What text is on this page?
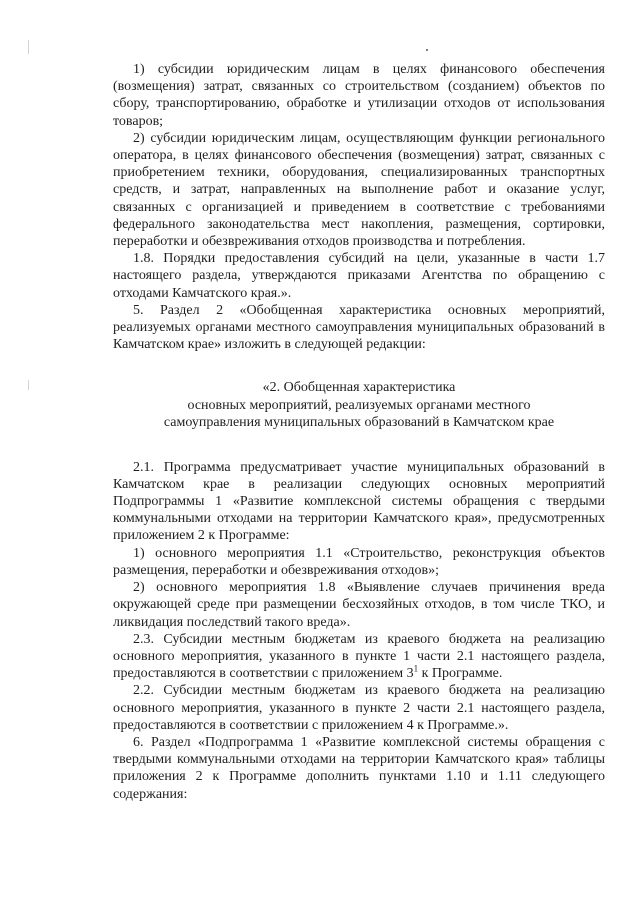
1) субсидии юридическим лицам в целях финансового обеспечения (возмещения) затрат, связанных со строительством (созданием) объектов по сбору, транспортированию, обработке и утилизации отходов от использования товаров;

2) субсидии юридическим лицам, осуществляющим функции регионального оператора, в целях финансового обеспечения (возмещения) затрат, связанных с приобретением техники, оборудования, специализированных транспортных средств, и затрат, направленных на выполнение работ и оказание услуг, связанных с организацией и приведением в соответствие с требованиями федерального законодательства мест накопления, размещения, сортировки, переработки и обезвреживания отходов производства и потребления.

1.8. Порядки предоставления субсидий на цели, указанные в части 1.7 настоящего раздела, утверждаются приказами Агентства по обращению с отходами Камчатского края.».

5. Раздел 2 «Обобщенная характеристика основных мероприятий, реализуемых органами местного самоуправления муниципальных образований в Камчатском крае» изложить в следующей редакции:

«2. Обобщенная характеристика
основных мероприятий, реализуемых органами местного
самоуправления муниципальных образований в Камчатском крае

2.1. Программа предусматривает участие муниципальных образований в Камчатском крае в реализации следующих основных мероприятий Подпрограммы 1 «Развитие комплексной системы обращения с твердыми коммунальными отходами на территории Камчатского края», предусмотренных приложением 2 к Программе:

1) основного мероприятия 1.1 «Строительство, реконструкция объектов размещения, переработки и обезвреживания отходов»;

2) основного мероприятия 1.8 «Выявление случаев причинения вреда окружающей среде при размещении бесхозяйных отходов, в том числе ТКО, и ликвидация последствий такого вреда».

2.3. Субсидии местным бюджетам из краевого бюджета на реализацию основного мероприятия, указанного в пункте 1 части 2.1 настоящего раздела, предоставляются в соответствии с приложением $3^1$ к Программе.

2.2. Субсидии местным бюджетам из краевого бюджета на реализацию основного мероприятия, указанного в пункте 2 части 2.1 настоящего раздела, предоставляются в соответствии с приложением 4 к Программе.».

6. Раздел «Подпрограмма 1 «Развитие комплексной системы обращения с твердыми коммунальными отходами на территории Камчатского края» таблицы приложения 2 к Программе дополнить пунктами 1.10 и 1.11 следующего содержания:
